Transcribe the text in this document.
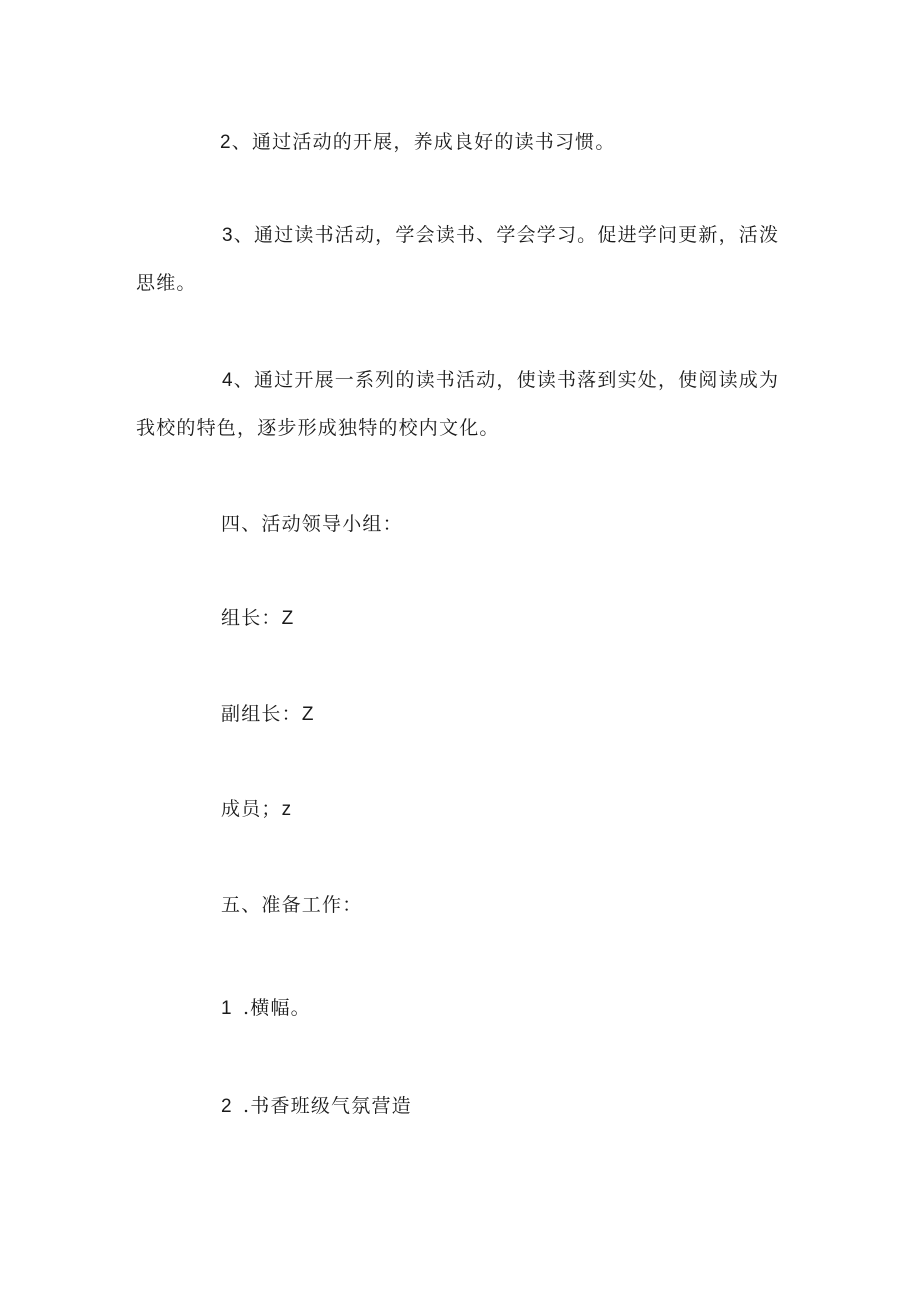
2、通过活动的开展，养成良好的读书习惯。
3、通过读书活动，学会读书、学会学习。促进学问更新，活泼
思维。
4、通过开展一系列的读书活动，使读书落到实处，使阅读成为
我校的特色，逐步形成独特的校内文化。
四、活动领导小组：
组长：Z
副组长：Z
成员；z
五、准备工作：
1 .横幅。
2 .书香班级气氛营造
